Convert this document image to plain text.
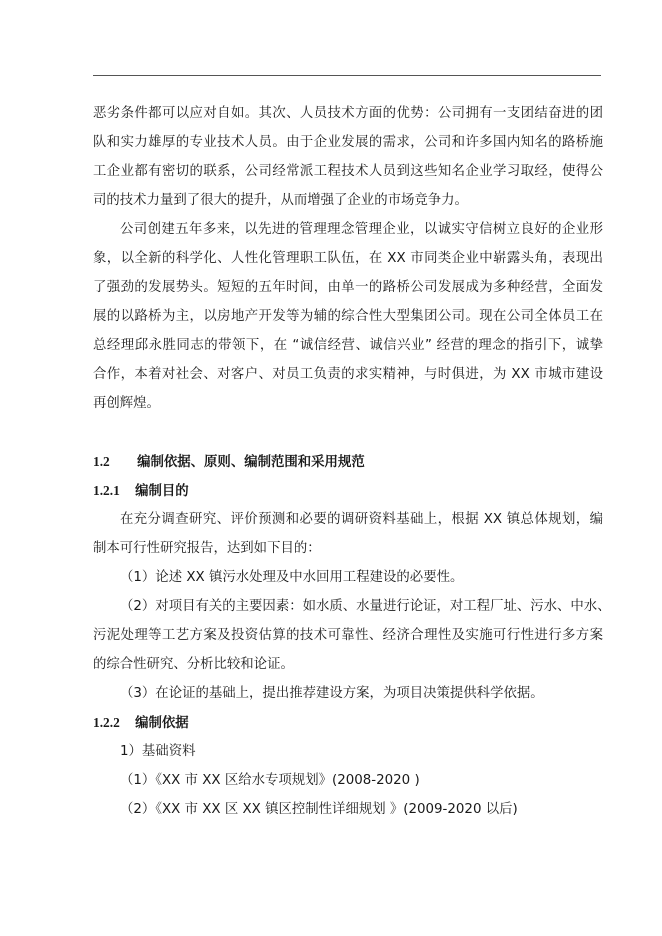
恶劣条件都可以应对自如。其次、人员技术方面的优势：公司拥有一支团结奋进的团
队和实力雄厚的专业技术人员。由于企业发展的需求，公司和许多国内知名的路桥施
工企业都有密切的联系，公司经常派工程技术人员到这些知名企业学习取经，使得公
司的技术力量到了很大的提升，从而增强了企业的市场竞争力。
公司创建五年多来，以先进的管理理念管理企业，以诚实守信树立良好的企业形
象，以全新的科学化、人性化管理职工队伍，在 XX 市同类企业中崭露头角，表现出
了强劲的发展势头。短短的五年时间，由单一的路桥公司发展成为多种经营，全面发
展的以路桥为主，以房地产开发等为辅的综合性大型集团公司。现在公司全体员工在
总经理邱永胜同志的带领下，在 “诚信经营、诚信兴业” 经营的理念的指引下，诚挚
合作，本着对社会、对客户、对员工负责的求实精神，与时俱进，为 XX 市城市建设
再创辉煌。
1.2 编制依据、原则、编制范围和采用规范
1.2.1 编制目的
在充分调查研究、评价预测和必要的调研资料基础上，根据 XX 镇总体规划，编
制本可行性研究报告，达到如下目的：
（1）论述 XX 镇污水处理及中水回用工程建设的必要性。
（2）对项目有关的主要因素：如水质、水量进行论证，对工程厂址、污水、中水、
污泥处理等工艺方案及投资估算的技术可靠性、经济合理性及实施可行性进行多方案
的综合性研究、分析比较和论证。
（3）在论证的基础上，提出推荐建设方案，为项目决策提供科学依据。
1.2.2 编制依据
1）基础资料
（1）《XX 市 XX 区给水专项规划》(2008-2020 )
（2）《XX 市 XX 区 XX 镇区控制性详细规划 》(2009-2020 以后)
